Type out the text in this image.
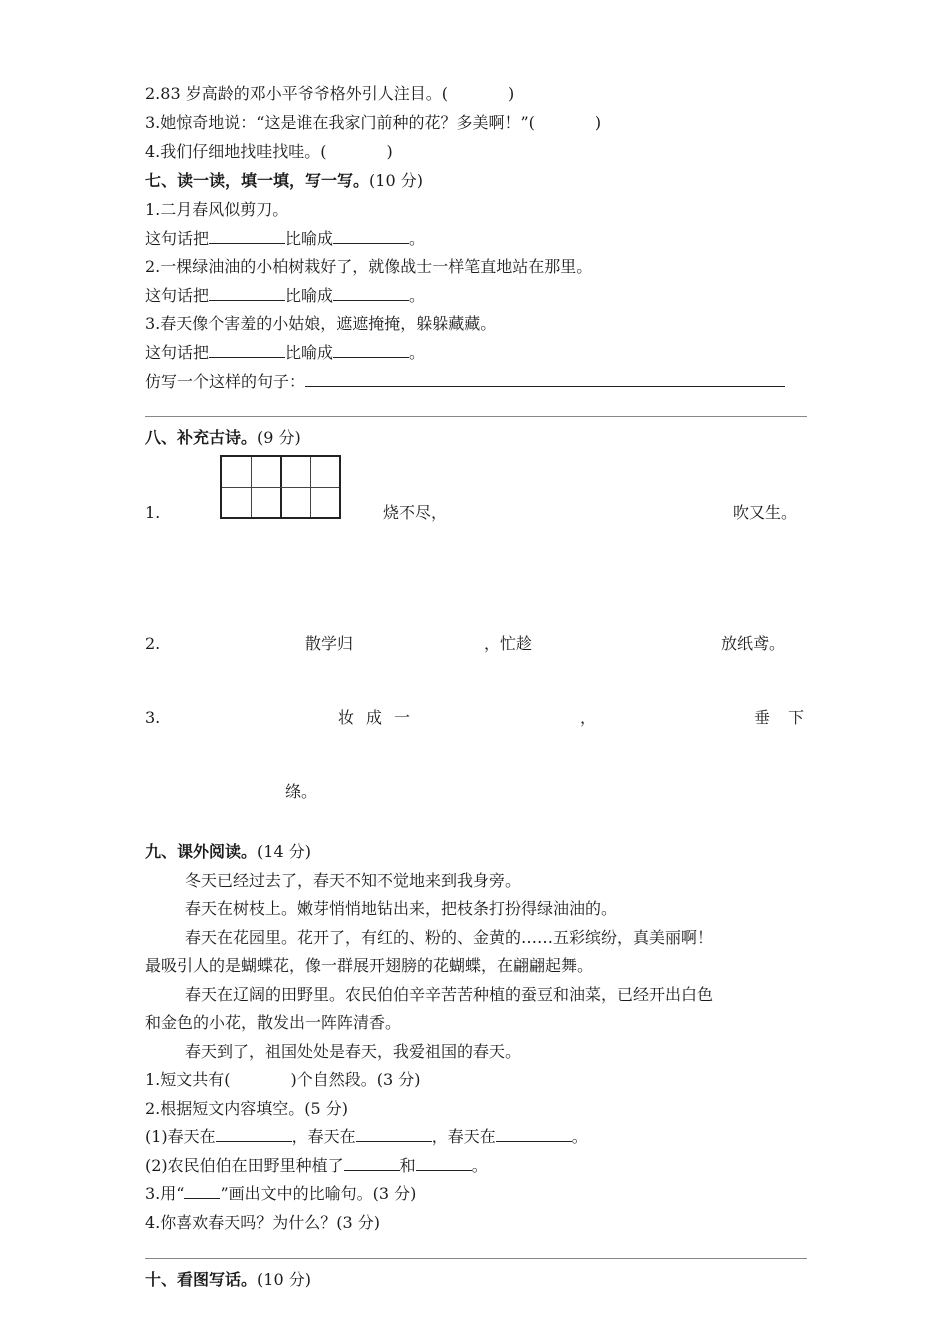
2.83 岁高龄的邓小平爷爷格外引人注目。(	)
3.她惊奇地说：“这是谁在我家门前种的花？多美啊！”(	)
4.我们仔细地找哇找哇。(	)
七、读一读，填一填，写一写。(10 分)
1.二月春风似剪刀。
这句话把	比喻成	。
2.一棵绿油油的小柏树栽好了，就像战士一样笔直地站在那里。
这句话把	比喻成	。
3.春天像个害羞的小姑娘，遮遮掩掩，躲躲藏藏。
这句话把	比喻成	。
仿写一个这样的句子：
八、补充古诗。(9 分)
1.	烧不尽，	吹又生。
2.	散学归	，忙趁	放纸鸢。
3.	妆成一	，	垂下
绦。
九、课外阅读。(14 分)
冬天已经过去了，春天不知不觉地来到我身旁。
春天在树枝上。嫩芽悄悄地钻出来，把枝条打扮得绿油油的。
春天在花园里。花开了，有红的、粉的、金黄的……五彩缤纷，真美丽啊！
最吸引人的是蝴蝶花，像一群展开翅膀的花蝴蝶，在翩翩起舞。
春天在辽阔的田野里。农民伯伯辛辛苦苦种植的蚕豆和油菜，已经开出白色
和金色的小花，散发出一阵阵清香。
春天到了，祖国处处是春天，我爱祖国的春天。
1.短文共有(	)个自然段。(3 分)
2.根据短文内容填空。(5 分)
(1)春天在	，春天在	，春天在	。
(2)农民伯伯在田野里种植了	和	。
3.用“ ”画出文中的比喻句。(3 分)
4.你喜欢春天吗？为什么？(3 分)
十、看图写话。(10 分)
